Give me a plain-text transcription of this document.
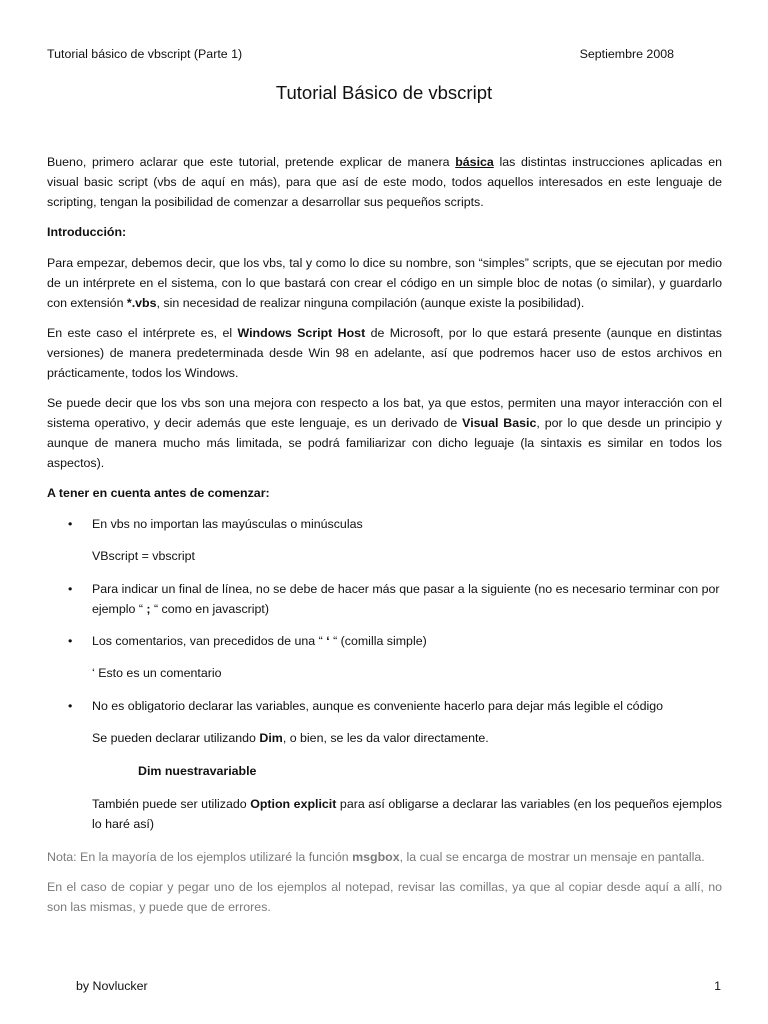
Tutorial básico de vbscript (Parte 1)	Septiembre 2008
Tutorial Básico de vbscript

Bueno, primero aclarar que este tutorial, pretende explicar de manera básica las distintas instrucciones aplicadas en visual basic script (vbs de aquí en más), para que así de este modo, todos aquellos interesados en este lenguaje de scripting, tengan la posibilidad de comenzar a desarrollar sus pequeños scripts.

Introducción:

Para empezar, debemos decir, que los vbs, tal y como lo dice su nombre, son “simples” scripts, que se ejecutan por medio de un intérprete en el sistema, con lo que bastará con crear el código en un simple bloc de notas (o similar), y guardarlo con extensión *.vbs, sin necesidad de realizar ninguna compilación (aunque existe la posibilidad).

En este caso el intérprete es, el Windows Script Host de Microsoft, por lo que estará presente (aunque en distintas versiones) de manera predeterminada desde Win 98 en adelante, así que podremos hacer uso de estos archivos en prácticamente, todos los Windows.

Se puede decir que los vbs son una mejora con respecto a los bat, ya que estos, permiten una mayor interacción con el sistema operativo, y decir además que este lenguaje, es un derivado de Visual Basic, por lo que desde un principio y aunque de manera mucho más limitada, se podrá familiarizar con dicho leguaje (la sintaxis es similar en todos los aspectos).

A tener en cuenta antes de comenzar:

• En vbs no importan las mayúsculas o minúsculas

VBscript = vbscript

• Para indicar un final de línea, no se debe de hacer más que pasar a la siguiente (no es necesario terminar con por ejemplo “ ; “ como en javascript)
• Los comentarios, van precedidos de una “ ‘ “ (comilla simple)

‘ Esto es un comentario

• No es obligatorio declarar las variables, aunque es conveniente hacerlo para dejar más legible el código

Se pueden declarar utilizando Dim, o bien, se les da valor directamente.

Dim nuestravariable

También puede ser utilizado Option explicit para así obligarse a declarar las variables (en los pequeños ejemplos lo haré así)

Nota: En la mayoría de los ejemplos utilizaré la función msgbox, la cual se encarga de mostrar un mensaje en pantalla.

En el caso de copiar y pegar uno de los ejemplos al notepad, revisar las comillas, ya que al copiar desde aquí a allí, no son las mismas, y puede que de errores.

by Novlucker	1
